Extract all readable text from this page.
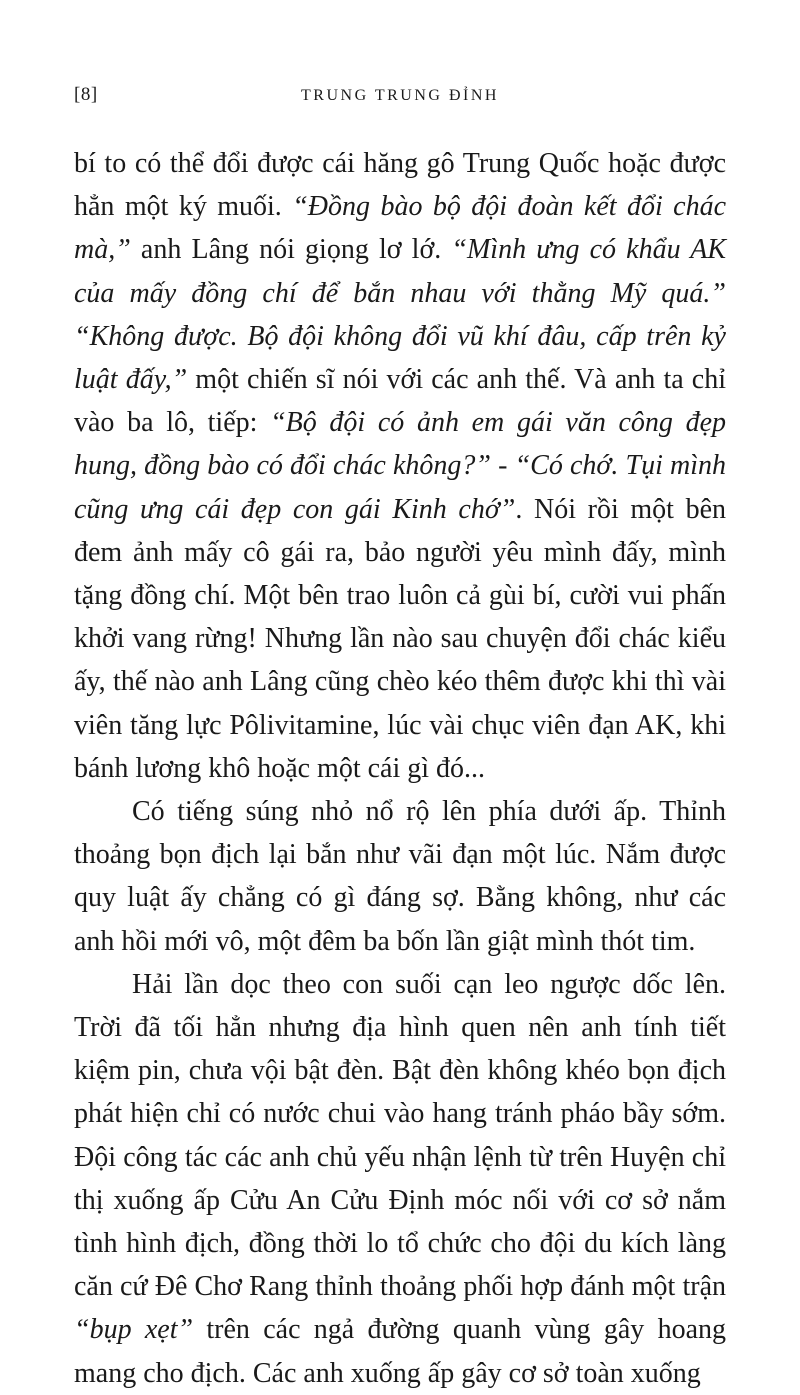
[8]	TRUNG TRUNG ĐỈNH

bí to có thể đổi được cái hăng gô Trung Quốc hoặc được hẳn một ký muối. “Đồng bào bộ đội đoàn kết đổi chác mà,” anh Lâng nói giọng lơ lớ. “Mình ưng có khẩu AK của mấy đồng chí để bắn nhau với thằng Mỹ quá.” “Không được. Bộ đội không đổi vũ khí đâu, cấp trên kỷ luật đấy,” một chiến sĩ nói với các anh thế. Và anh ta chỉ vào ba lô, tiếp: “Bộ đội có ảnh em gái văn công đẹp hung, đồng bào có đổi chác không?” - “Có chớ. Tụi mình cũng ưng cái đẹp con gái Kinh chớ”. Nói rồi một bên đem ảnh mấy cô gái ra, bảo người yêu mình đấy, mình tặng đồng chí. Một bên trao luôn cả gùi bí, cười vui phấn khởi vang rừng! Nhưng lần nào sau chuyện đổi chác kiểu ấy, thế nào anh Lâng cũng chèo kéo thêm được khi thì vài viên tăng lực Pôlivitamine, lúc vài chục viên đạn AK, khi bánh lương khô hoặc một cái gì đó...

Có tiếng súng nhỏ nổ rộ lên phía dưới ấp. Thỉnh thoảng bọn địch lại bắn như vãi đạn một lúc. Nắm được quy luật ấy chẳng có gì đáng sợ. Bằng không, như các anh hồi mới vô, một đêm ba bốn lần giật mình thót tim.

Hải lần dọc theo con suối cạn leo ngược dốc lên. Trời đã tối hẳn nhưng địa hình quen nên anh tính tiết kiệm pin, chưa vội bật đèn. Bật đèn không khéo bọn địch phát hiện chỉ có nước chui vào hang tránh pháo bầy sớm. Đội công tác các anh chủ yếu nhận lệnh từ trên Huyện chỉ thị xuống ấp Cửu An Cửu Định móc nối với cơ sở nắm tình hình địch, đồng thời lo tổ chức cho đội du kích làng căn cứ Đê Chơ Rang thỉnh thoảng phối hợp đánh một trận “bụp xẹt” trên các ngả đường quanh vùng gây hoang mang cho địch. Các anh xuống ấp gây cơ sở toàn xuống
